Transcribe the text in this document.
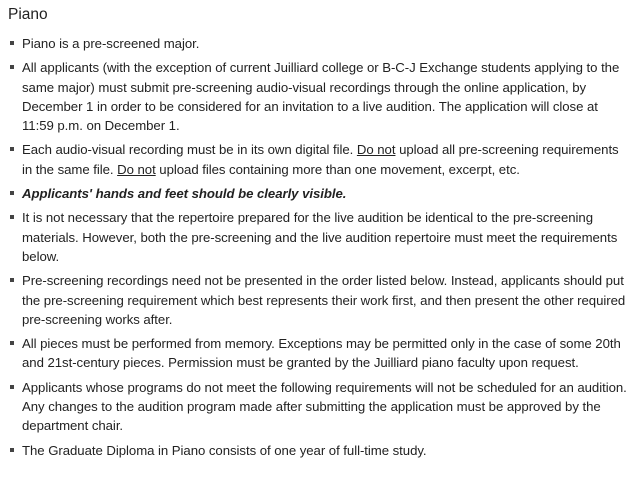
Piano
Piano is a pre-screened major.
All applicants (with the exception of current Juilliard college or B-C-J Exchange students applying to the same major) must submit pre-screening audio-visual recordings through the online application, by December 1 in order to be considered for an invitation to a live audition. The application will close at 11:59 p.m. on December 1.
Each audio-visual recording must be in its own digital file. Do not upload all pre-screening requirements in the same file. Do not upload files containing more than one movement, excerpt, etc.
Applicants' hands and feet should be clearly visible.
It is not necessary that the repertoire prepared for the live audition be identical to the pre-screening materials. However, both the pre-screening and the live audition repertoire must meet the requirements below.
Pre-screening recordings need not be presented in the order listed below. Instead, applicants should put the pre-screening requirement which best represents their work first, and then present the other required pre-screening works after.
All pieces must be performed from memory. Exceptions may be permitted only in the case of some 20th and 21st-century pieces. Permission must be granted by the Juilliard piano faculty upon request.
Applicants whose programs do not meet the following requirements will not be scheduled for an audition. Any changes to the audition program made after submitting the application must be approved by the department chair.
The Graduate Diploma in Piano consists of one year of full-time study.
